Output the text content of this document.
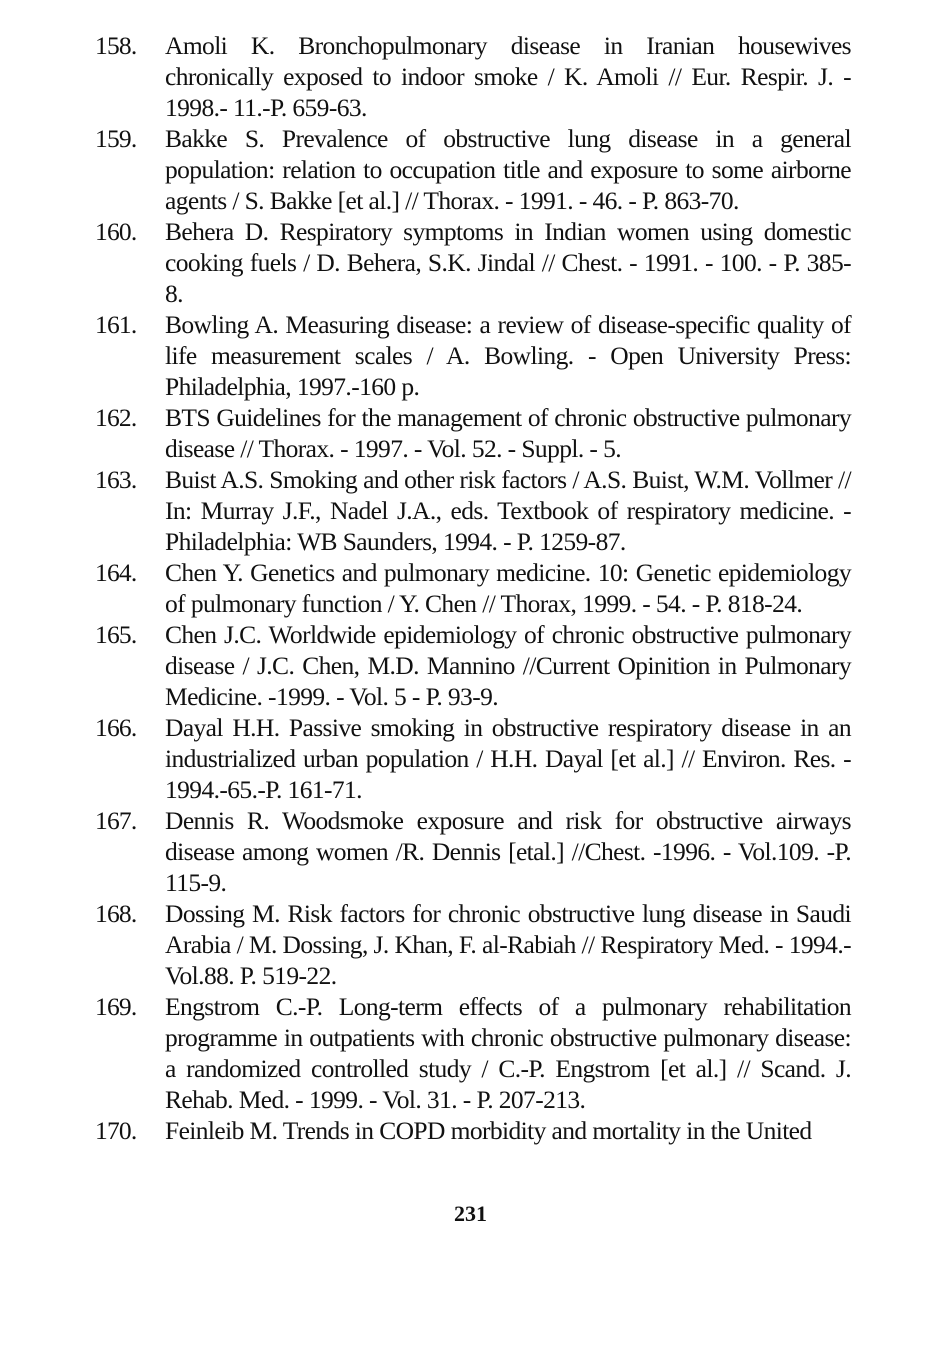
158.	Amoli K. Bronchopulmonary disease in Iranian housewives chronically exposed to indoor smoke / K. Amoli // Eur. Respir. J. - 1998.- 11.-P. 659-63.
159.	Bakke S. Prevalence of obstructive lung disease in a general population: relation to occupation title and exposure to some airborne agents / S. Bakke [et al.] // Thorax. - 1991. - 46. - P. 863-70.
160.	Behera D. Respiratory symptoms in Indian women using domestic cooking fuels / D. Behera, S.K. Jindal // Chest. - 1991. - 100. - P. 385-8.
161.	Bowling A. Measuring disease: a review of disease-specific quality of life measurement scales / A. Bowling. - Open University Press: Philadelphia, 1997.-160 p.
162.	BTS Guidelines for the management of chronic obstructive pulmonary disease // Thorax. - 1997. - Vol. 52. - Suppl. - 5.
163.	Buist A.S. Smoking and other risk factors / A.S. Buist, W.M. Vollmer // In: Murray J.F., Nadel J.A., eds. Textbook of respiratory medicine. - Philadelphia: WB Saunders, 1994. - P. 1259-87.
164.	Chen Y. Genetics and pulmonary medicine. 10: Genetic epidemiology of pulmonary function / Y. Chen // Thorax, 1999. - 54. - P. 818-24.
165.	Chen J.C. Worldwide epidemiology of chronic obstructive pulmonary disease / J.C. Chen, M.D. Mannino //Current Opinition in Pulmonary Medicine. -1999. - Vol. 5 - P. 93-9.
166.	Dayal H.H. Passive smoking in obstructive respiratory disease in an industrialized urban population / H.H. Dayal [et al.] // Environ. Res. - 1994.-65.-P. 161-71.
167.	Dennis R. Woodsmoke exposure and risk for obstructive airways disease among women /R. Dennis [etal.] //Chest. -1996. - Vol.109. -P. 115-9.
168.	Dossing M. Risk factors for chronic obstructive lung disease in Saudi Arabia / M. Dossing, J. Khan, F. al-Rabiah // Respiratory Med. - 1994.-Vol.88. P. 519-22.
169.	Engstrom C.-P. Long-term effects of a pulmonary rehabilitation programme in outpatients with chronic obstructive pulmonary disease: a randomized controlled study / C.-P. Engstrom [et al.] // Scand. J. Rehab. Med. - 1999. - Vol. 31. - P. 207-213.
170.	Feinleib M. Trends in COPD morbidity and mortality in the United
231
